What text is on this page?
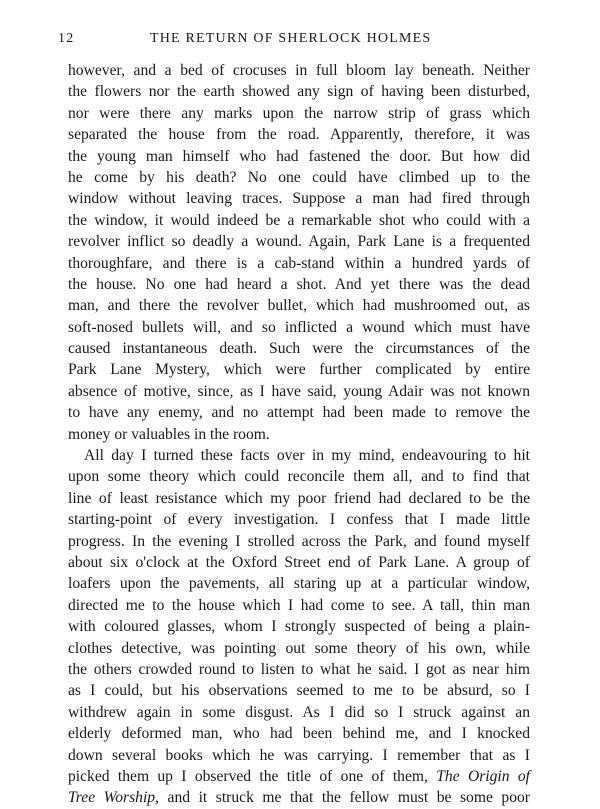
12	THE RETURN OF SHERLOCK HOLMES
however, and a bed of crocuses in full bloom lay beneath. Neither
the flowers nor the earth showed any sign of having been disturbed,
nor were there any marks upon the narrow strip of grass which
separated the house from the road. Apparently, therefore, it was
the young man himself who had fastened the door. But how did
he come by his death? No one could have climbed up to the
window without leaving traces. Suppose a man had fired through
the window, it would indeed be a remarkable shot who could with a
revolver inflict so deadly a wound. Again, Park Lane is a frequented
thoroughfare, and there is a cab-stand within a hundred yards of
the house. No one had heard a shot. And yet there was the dead
man, and there the revolver bullet, which had mushroomed out, as
soft-nosed bullets will, and so inflicted a wound which must have
caused instantaneous death. Such were the circumstances of the
Park Lane Mystery, which were further complicated by entire
absence of motive, since, as I have said, young Adair was not known
to have any enemy, and no attempt had been made to remove the
money or valuables in the room.
All day I turned these facts over in my mind, endeavouring to hit
upon some theory which could reconcile them all, and to find that
line of least resistance which my poor friend had declared to be the
starting-point of every investigation. I confess that I made little
progress. In the evening I strolled across the Park, and found myself
about six o'clock at the Oxford Street end of Park Lane. A group of
loafers upon the pavements, all staring up at a particular window,
directed me to the house which I had come to see. A tall, thin man
with coloured glasses, whom I strongly suspected of being a plain-
clothes detective, was pointing out some theory of his own, while
the others crowded round to listen to what he said. I got as near him
as I could, but his observations seemed to me to be absurd, so I
withdrew again in some disgust. As I did so I struck against an
elderly deformed man, who had been behind me, and I knocked
down several books which he was carrying. I remember that as I
picked them up I observed the title of one of them, The Origin of
Tree Worship, and it struck me that the fellow must be some poor
